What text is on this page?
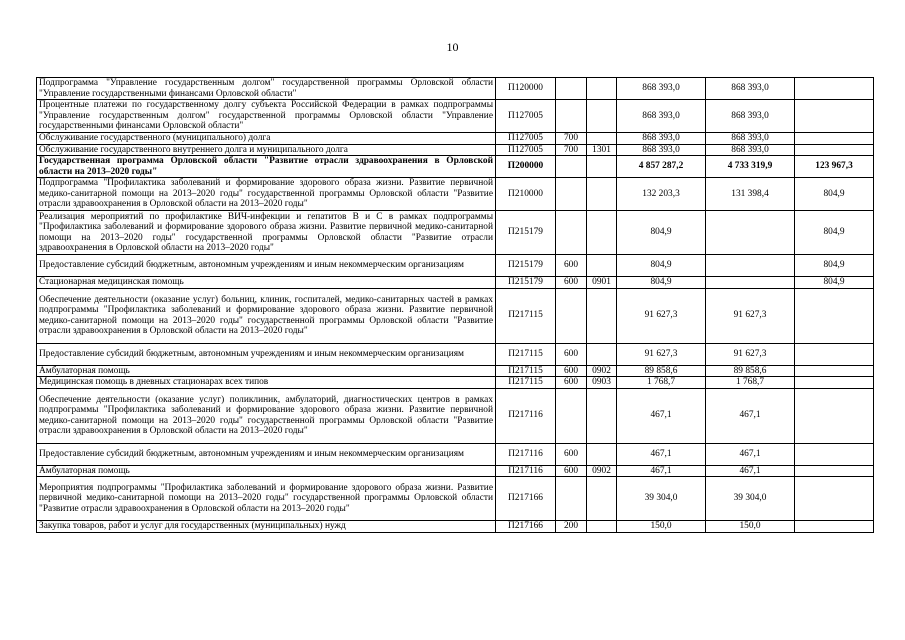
10
Подпрограмма "Управление государственным долгом" государственной программы Орловской области "Управление государственными финансами Орловской области"	П120000			868 393,0	868 393,0	
Процентные платежи по государственному долгу субъекта Российской Федерации в рамках подпрограммы "Управление государственным долгом" государственной программы Орловской области "Управление государственными финансами Орловской области"	П127005			868 393,0	868 393,0	
Обслуживание государственного (муниципального) долга	П127005	700		868 393,0	868 393,0	
Обслуживание государственного внутреннего долга и муниципального долга	П127005	700	1301	868 393,0	868 393,0	
Государственная программа Орловской области "Развитие отрасли здравоохранения в Орловской области на 2013–2020 годы"	П200000			4 857 287,2	4 733 319,9	123 967,3
Подпрограмма "Профилактика заболеваний и формирование здорового образа жизни. Развитие первичной медико-санитарной помощи на 2013–2020 годы" государственной программы Орловской области "Развитие отрасли здравоохранения в Орловской области на 2013–2020 годы"	П210000			132 203,3	131 398,4	804,9
Реализация мероприятий по профилактике ВИЧ-инфекции и гепатитов В и С в рамках подпрограммы "Профилактика заболеваний и формирование здорового образа жизни. Развитие первичной медико-санитарной помощи на 2013–2020 годы" государственной программы Орловской области "Развитие отрасли здравоохранения в Орловской области на 2013–2020 годы"	П215179			804,9		804,9
Предоставление субсидий бюджетным, автономным учреждениям и иным некоммерческим организациям	П215179	600		804,9		804,9
Стационарная медицинская помощь	П215179	600	0901	804,9		804,9
Обеспечение деятельности (оказание услуг) больниц, клиник, госпиталей, медико-санитарных частей в рамках подпрограммы "Профилактика заболеваний и формирование здорового образа жизни. Развитие первичной медико-санитарной помощи на 2013–2020 годы" государственной программы Орловской области "Развитие отрасли здравоохранения в Орловской области на 2013–2020 годы"	П217115			91 627,3	91 627,3	
Предоставление субсидий бюджетным, автономным учреждениям и иным некоммерческим организациям	П217115	600		91 627,3	91 627,3	
Амбулаторная помощь	П217115	600	0902	89 858,6	89 858,6	
Медицинская помощь в дневных стационарах всех типов	П217115	600	0903	1 768,7	1 768,7	
Обеспечение деятельности (оказание услуг) поликлиник, амбулаторий, диагностических центров в рамках подпрограммы "Профилактика заболеваний и формирование здорового образа жизни. Развитие первичной медико-санитарной помощи на 2013–2020 годы" государственной программы Орловской области "Развитие отрасли здравоохранения в Орловской области на 2013–2020 годы"	П217116			467,1	467,1	
Предоставление субсидий бюджетным, автономным учреждениям и иным некоммерческим организациям	П217116	600		467,1	467,1	
Амбулаторная помощь	П217116	600	0902	467,1	467,1	
Мероприятия подпрограммы "Профилактика заболеваний и формирование здорового образа жизни. Развитие первичной медико-санитарной помощи на 2013–2020 годы" государственной программы Орловской области "Развитие отрасли здравоохранения в Орловской области на 2013–2020 годы"	П217166			39 304,0	39 304,0	
Закупка товаров, работ и услуг для государственных (муниципальных) нужд	П217166	200		150,0	150,0	
